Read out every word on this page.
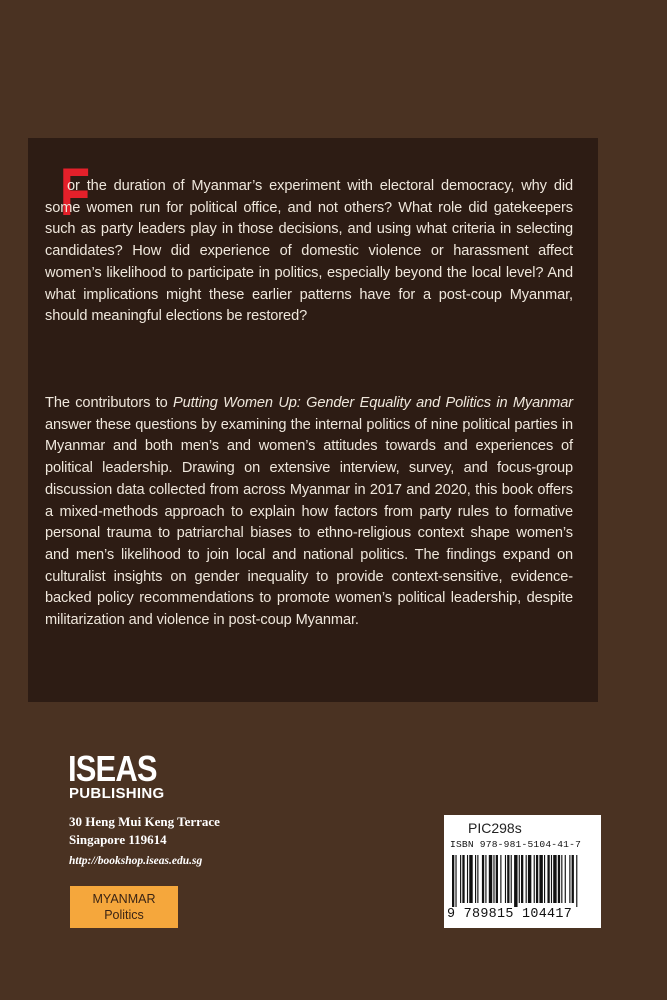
F

or the duration of Myanmar’s experiment with electoral democracy, why did some women run for political office, and not others? What role did gatekeepers such as party leaders play in those decisions, and using what criteria in selecting candidates? How did experience of domestic violence or harassment affect women’s likelihood to participate in politics, especially beyond the local level? And what implications might these earlier patterns have for a post-coup Myanmar, should meaningful elections be restored?

The contributors to Putting Women Up: Gender Equality and Politics in Myanmar answer these questions by examining the internal politics of nine political parties in Myanmar and both men’s and women’s attitudes towards and experiences of political leadership. Drawing on extensive interview, survey, and focus-group discussion data collected from across Myanmar in 2017 and 2020, this book offers a mixed-methods approach to explain how factors from party rules to formative personal trauma to patriarchal biases to ethno-religious context shape women’s and men’s likelihood to join local and national politics. The findings expand on culturalist insights on gender inequality to provide context-sensitive, evidence-backed policy recommendations to promote women’s political leadership, despite militarization and violence in post-coup Myanmar.

ISEAS
PUBLISHING
30 Heng Mui Keng Terrace
Singapore 119614
http://bookshop.iseas.edu.sg
MYANMAR
Politics
PIC298s
ISBN 978-981-5104-41-7
9 789815 104417
